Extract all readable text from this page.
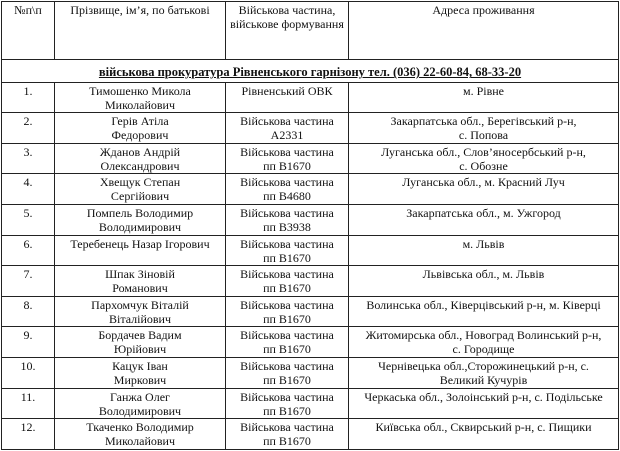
№п\п	Прізвище, ім’я, по батькові	Військова частина, військове формування	Адреса проживання
військова прокуратура Рівненського гарнізону тел. (036) 22-60-84, 68-33-20			

1.	Тимошенко Микола
Миколайович	Рівненський ОВК	м. Рівне

2.	Герів Атіла
Федорович	Військова частина
А2331	Закарпатська обл., Берегівський р-н,
с. Попова

3.	Жданов Андрій
Олександрович	Військова частина
пп В1670	Луганська обл., Слов’яносербський р-н,
с. Обозне

4.	Хвещук Степан
Сергійович	Військова частина
пп В4680	Луганська обл., м. Красний Луч

5.	Помпель Володимир
Володимирович	Військова частина
пп В3938	Закарпатська обл., м. Ужгород

6.	Теребенець Назар Ігорович	Військова частина
пп В1670	м. Львів

7.	Шпак Зіновій
Романович	Військова частина
пп В1670	Львівська обл., м. Львів

8.	Пархомчук Віталій
Віталійович	Військова частина
пп В1670	Волинська обл., Ківерцівський р-н, м. Ківерці

9.	Бордачев Вадим
Юрійович	Військова частина
пп В1670	Житомирська обл., Новоград Волинський р-н,
с. Городище

10.	Кацук Іван
Миркович	Військова частина
пп В1670	Чернівецька обл.,Сторожинецький р-н, с.
Великий Кучурів

11.	Ганжа Олег
Володимирович	Військова частина
пп В1670	Черкаська обл., Золоінський р-н, с. Подільське

12.	Ткаченко Володимир
Миколайович	Військова частина
пп В1670	Київська обл., Сквирський р-н, с. Пищики
